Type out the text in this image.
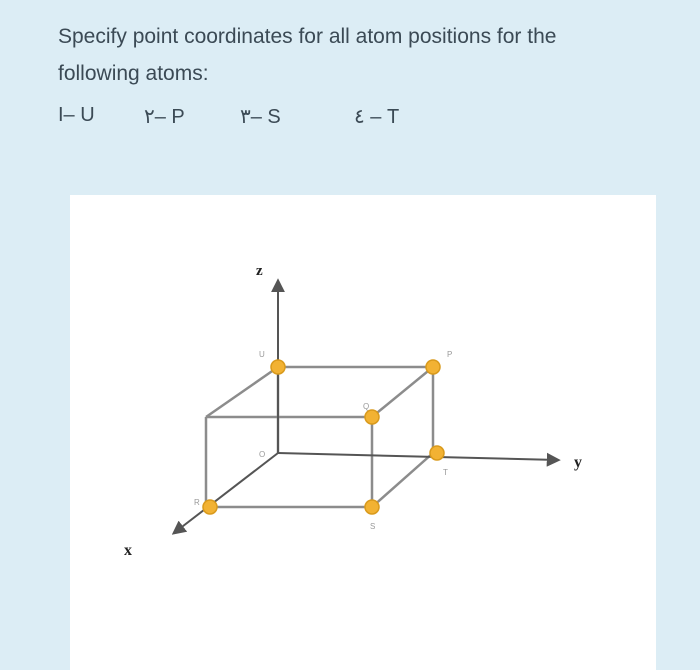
Specify point coordinates for all atom positions for the
following atoms:
I– U ٢– P	٣– S	٤ – T
z
y
x
U	P
Q
O
T
R
S
